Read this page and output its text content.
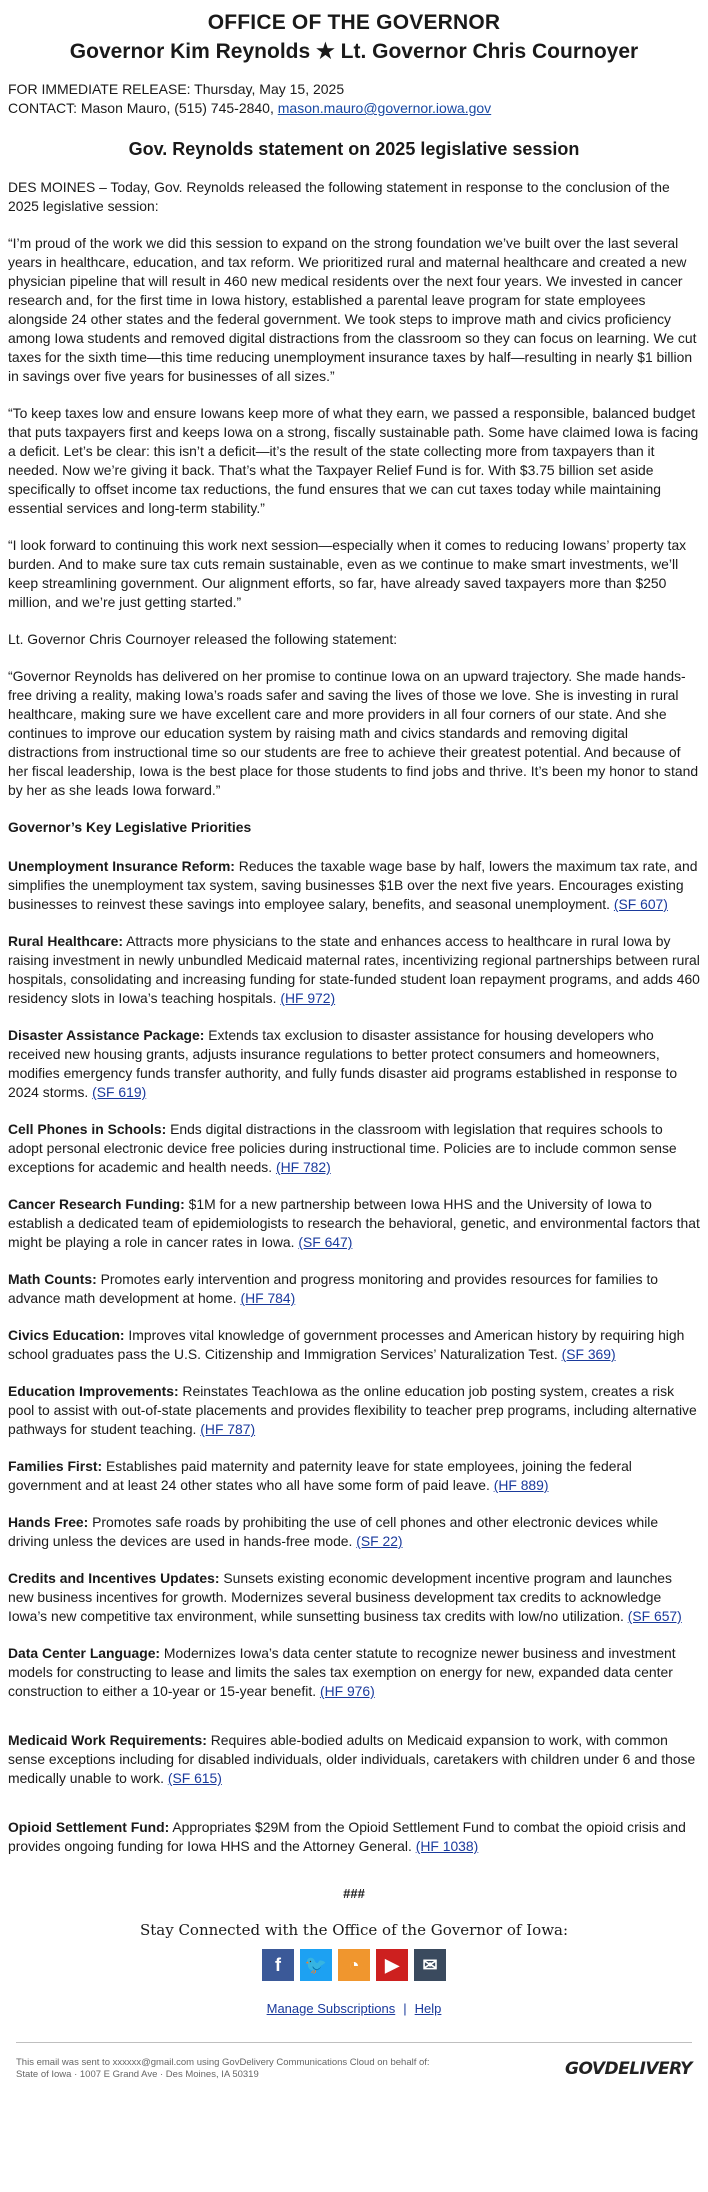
OFFICE OF THE GOVERNOR
Governor Kim Reynolds ★ Lt. Governor Chris Cournoyer
FOR IMMEDIATE RELEASE: Thursday, May 15, 2025
CONTACT: Mason Mauro, (515) 745-2840, mason.mauro@governor.iowa.gov
Gov. Reynolds statement on 2025 legislative session

DES MOINES – Today, Gov. Reynolds released the following statement in response to the conclusion of the 2025 legislative session:

“I’m proud of the work we did this session to expand on the strong foundation we’ve built over the last several years in healthcare, education, and tax reform. We prioritized rural and maternal healthcare and created a new physician pipeline that will result in 460 new medical residents over the next four years. We invested in cancer research and, for the first time in Iowa history, established a parental leave program for state employees alongside 24 other states and the federal government. We took steps to improve math and civics proficiency among Iowa students and removed digital distractions from the classroom so they can focus on learning. We cut taxes for the sixth time—this time reducing unemployment insurance taxes by half—resulting in nearly $1 billion in savings over five years for businesses of all sizes.”

“To keep taxes low and ensure Iowans keep more of what they earn, we passed a responsible, balanced budget that puts taxpayers first and keeps Iowa on a strong, fiscally sustainable path. Some have claimed Iowa is facing a deficit. Let’s be clear: this isn’t a deficit—it’s the result of the state collecting more from taxpayers than it needed. Now we’re giving it back. That’s what the Taxpayer Relief Fund is for. With $3.75 billion set aside specifically to offset income tax reductions, the fund ensures that we can cut taxes today while maintaining essential services and long-term stability.”

“I look forward to continuing this work next session—especially when it comes to reducing Iowans’ property tax burden. And to make sure tax cuts remain sustainable, even as we continue to make smart investments, we’ll keep streamlining government. Our alignment efforts, so far, have already saved taxpayers more than $250 million, and we’re just getting started.”

Lt. Governor Chris Cournoyer released the following statement:

“Governor Reynolds has delivered on her promise to continue Iowa on an upward trajectory. She made hands-free driving a reality, making Iowa’s roads safer and saving the lives of those we love. She is investing in rural healthcare, making sure we have excellent care and more providers in all four corners of our state. And she continues to improve our education system by raising math and civics standards and removing digital distractions from instructional time so our students are free to achieve their greatest potential. And because of her fiscal leadership, Iowa is the best place for those students to find jobs and thrive. It’s been my honor to stand by her as she leads Iowa forward.”

Governor’s Key Legislative Priorities

Unemployment Insurance Reform: Reduces the taxable wage base by half, lowers the maximum tax rate, and simplifies the unemployment tax system, saving businesses $1B over the next five years. Encourages existing businesses to reinvest these savings into employee salary, benefits, and seasonal unemployment. (SF 607)

Rural Healthcare: Attracts more physicians to the state and enhances access to healthcare in rural Iowa by raising investment in newly unbundled Medicaid maternal rates, incentivizing regional partnerships between rural hospitals, consolidating and increasing funding for state-funded student loan repayment programs, and adds 460 residency slots in Iowa’s teaching hospitals. (HF 972)

Disaster Assistance Package: Extends tax exclusion to disaster assistance for housing developers who received new housing grants, adjusts insurance regulations to better protect consumers and homeowners, modifies emergency funds transfer authority, and fully funds disaster aid programs established in response to 2024 storms. (SF 619)

Cell Phones in Schools: Ends digital distractions in the classroom with legislation that requires schools to adopt personal electronic device free policies during instructional time. Policies are to include common sense exceptions for academic and health needs. (HF 782)

Cancer Research Funding: $1M for a new partnership between Iowa HHS and the University of Iowa to establish a dedicated team of epidemiologists to research the behavioral, genetic, and environmental factors that might be playing a role in cancer rates in Iowa. (SF 647)

Math Counts: Promotes early intervention and progress monitoring and provides resources for families to advance math development at home. (HF 784)

Civics Education: Improves vital knowledge of government processes and American history by requiring high school graduates pass the U.S. Citizenship and Immigration Services’ Naturalization Test. (SF 369)

Education Improvements: Reinstates TeachIowa as the online education job posting system, creates a risk pool to assist with out-of-state placements and provides flexibility to teacher prep programs, including alternative pathways for student teaching. (HF 787)

Families First: Establishes paid maternity and paternity leave for state employees, joining the federal government and at least 24 other states who all have some form of paid leave. (HF 889)

Hands Free: Promotes safe roads by prohibiting the use of cell phones and other electronic devices while driving unless the devices are used in hands-free mode. (SF 22)

Credits and Incentives Updates: Sunsets existing economic development incentive program and launches new business incentives for growth. Modernizes several business development tax credits to acknowledge Iowa’s new competitive tax environment, while sunsetting business tax credits with low/no utilization. (SF 657)

Data Center Language: Modernizes Iowa’s data center statute to recognize newer business and investment models for constructing to lease and limits the sales tax exemption on energy for new, expanded data center construction to either a 10-year or 15-year benefit. (HF 976)

Medicaid Work Requirements: Requires able-bodied adults on Medicaid expansion to work, with common sense exceptions including for disabled individuals, older individuals, caretakers with children under 6 and those medically unable to work. (SF 615)

Opioid Settlement Fund: Appropriates $29M from the Opioid Settlement Fund to combat the opioid crisis and provides ongoing funding for Iowa HHS and the Attorney General. (HF 1038)

###
Stay Connected with the Office of the Governor of Iowa:
f	🐦	◔	▶	✉
Manage Subscriptions | Help
This email was sent to xxxxxx@gmail.com using GovDelivery Communications Cloud on behalf of: State of Iowa · 1007 E Grand Ave · Des Moines, IA 50319	GOVDELIVERY
